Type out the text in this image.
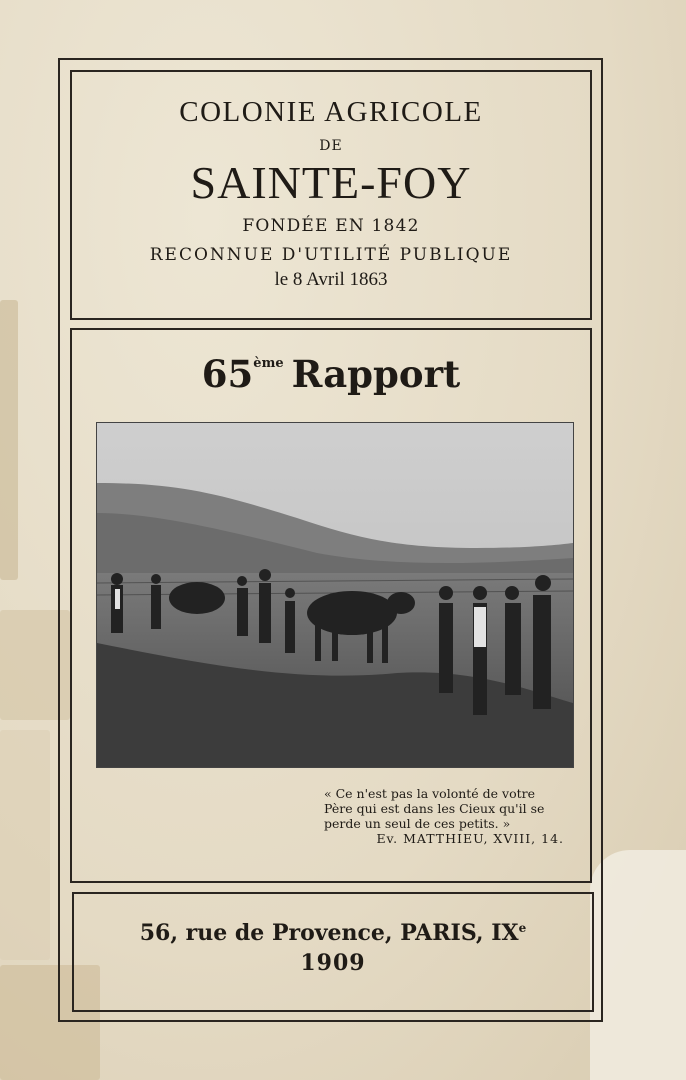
COLONIE AGRICOLE
DE
SAINTE-FOY
FONDÉE EN 1842
RECONNUE D'UTILITÉ PUBLIQUE
le 8 Avril 1863
65ème Rapport
« Ce n'est pas la volonté de votre
Père qui est dans les Cieux qu'il se
perde un seul de ces petits. »
Ev. MATTHIEU, XVIII, 14.
56, rue de Provence, PARIS, IXe
1909
